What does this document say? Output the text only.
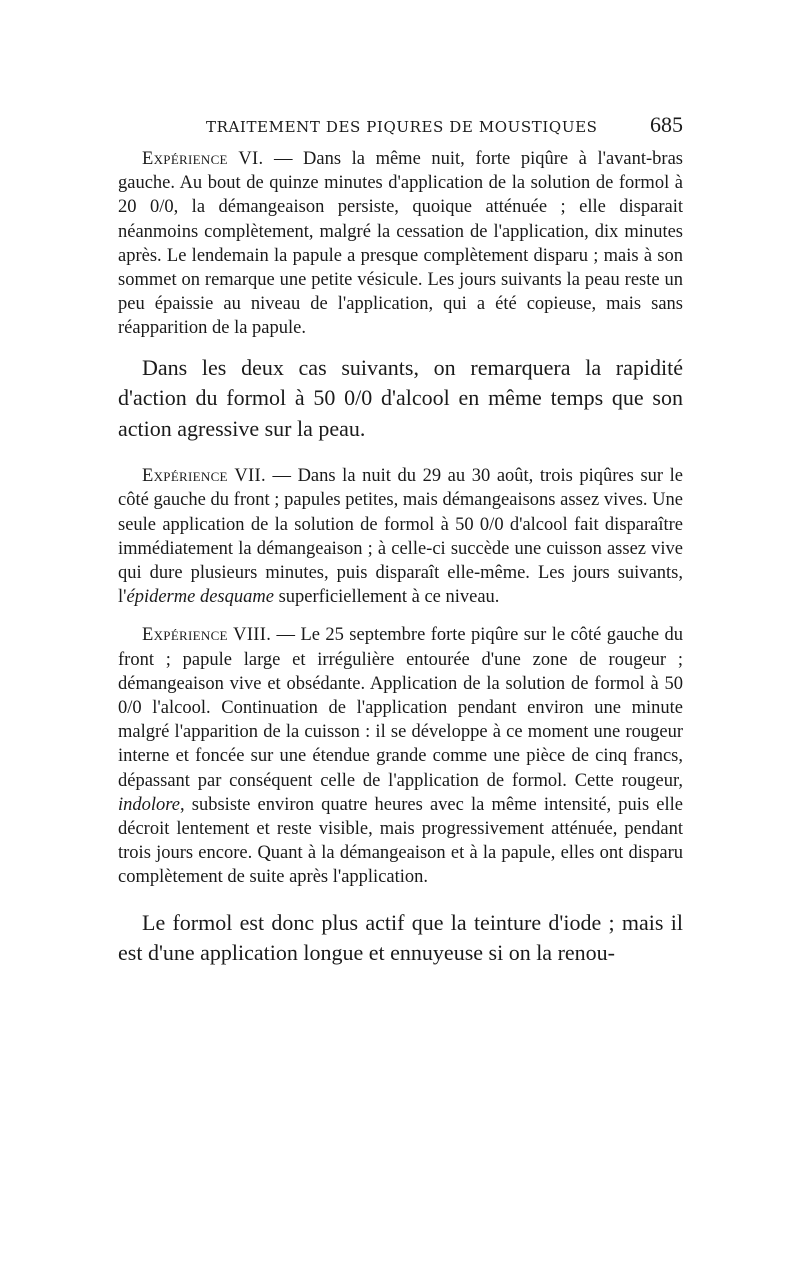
TRAITEMENT DES PIQURES DE MOUSTIQUES 685

Expérience VI. — Dans la même nuit, forte piqûre à l'avant-bras gauche. Au bout de quinze minutes d'application de la solution de formol à 20 0/0, la démangeaison persiste, quoique atténuée ; elle disparait néanmoins complètement, malgré la cessation de l'application, dix minutes après. Le lendemain la papule a presque complètement disparu ; mais à son sommet on remarque une petite vésicule. Les jours suivants la peau reste un peu épaissie au niveau de l'application, qui a été copieuse, mais sans réapparition de la papule.

Dans les deux cas suivants, on remarquera la rapidité d'action du formol à 50 0/0 d'alcool en même temps que son action agressive sur la peau.

Expérience VII. — Dans la nuit du 29 au 30 août, trois piqûres sur le côté gauche du front ; papules petites, mais démangeaisons assez vives. Une seule application de la solution de formol à 50 0/0 d'alcool fait disparaître immédiatement la démangeaison ; à celle-ci succède une cuisson assez vive qui dure plusieurs minutes, puis disparaît elle-même. Les jours suivants, l'épiderme desquame superficiellement à ce niveau.

Expérience VIII. — Le 25 septembre forte piqûre sur le côté gauche du front ; papule large et irrégulière entourée d'une zone de rougeur ; démangeaison vive et obsédante. Application de la solution de formol à 50 0/0 l'alcool. Continuation de l'application pendant environ une minute malgré l'apparition de la cuisson : il se développe à ce moment une rougeur interne et foncée sur une étendue grande comme une pièce de cinq francs, dépassant par conséquent celle de l'application de formol. Cette rougeur, indolore, subsiste environ quatre heures avec la même intensité, puis elle décroit lentement et reste visible, mais progressivement atténuée, pendant trois jours encore. Quant à la démangeaison et à la papule, elles ont disparu complètement de suite après l'application.

Le formol est donc plus actif que la teinture d'iode ; mais il est d'une application longue et ennuyeuse si on la renou-
